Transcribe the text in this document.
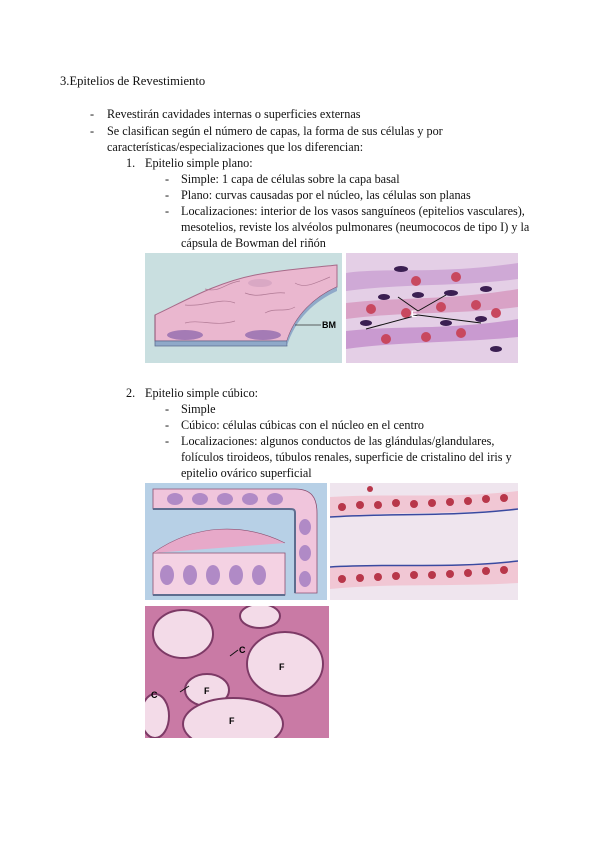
3.Epitelios de Revestimiento
- Revestirán cavidades internas o superficies externas
- Se clasifican según el número de capas, la forma de sus células y por
características/especializaciones que los diferencian:
1. Epitelio simple plano:
- Simple: 1 capa de células sobre la capa basal
- Plano: curvas causadas por el núcleo, las células son planas
- Localizaciones: interior de los vasos sanguíneos (epitelios vasculares),
mesotelios, reviste los alvéolos pulmonares (neumococos de tipo I) y la
cápsula de Bowman del riñón
BM
E
2. Epitelio simple cúbico:
- Simple
- Cúbico: células cúbicas con el núcleo en el centro
- Localizaciones: algunos conductos de las glándulas/glandulares,
folículos tiroideos, túbulos renales, superficie de cristalino del iris y
epitelio ovárico superficial
C
C
F
F
F
